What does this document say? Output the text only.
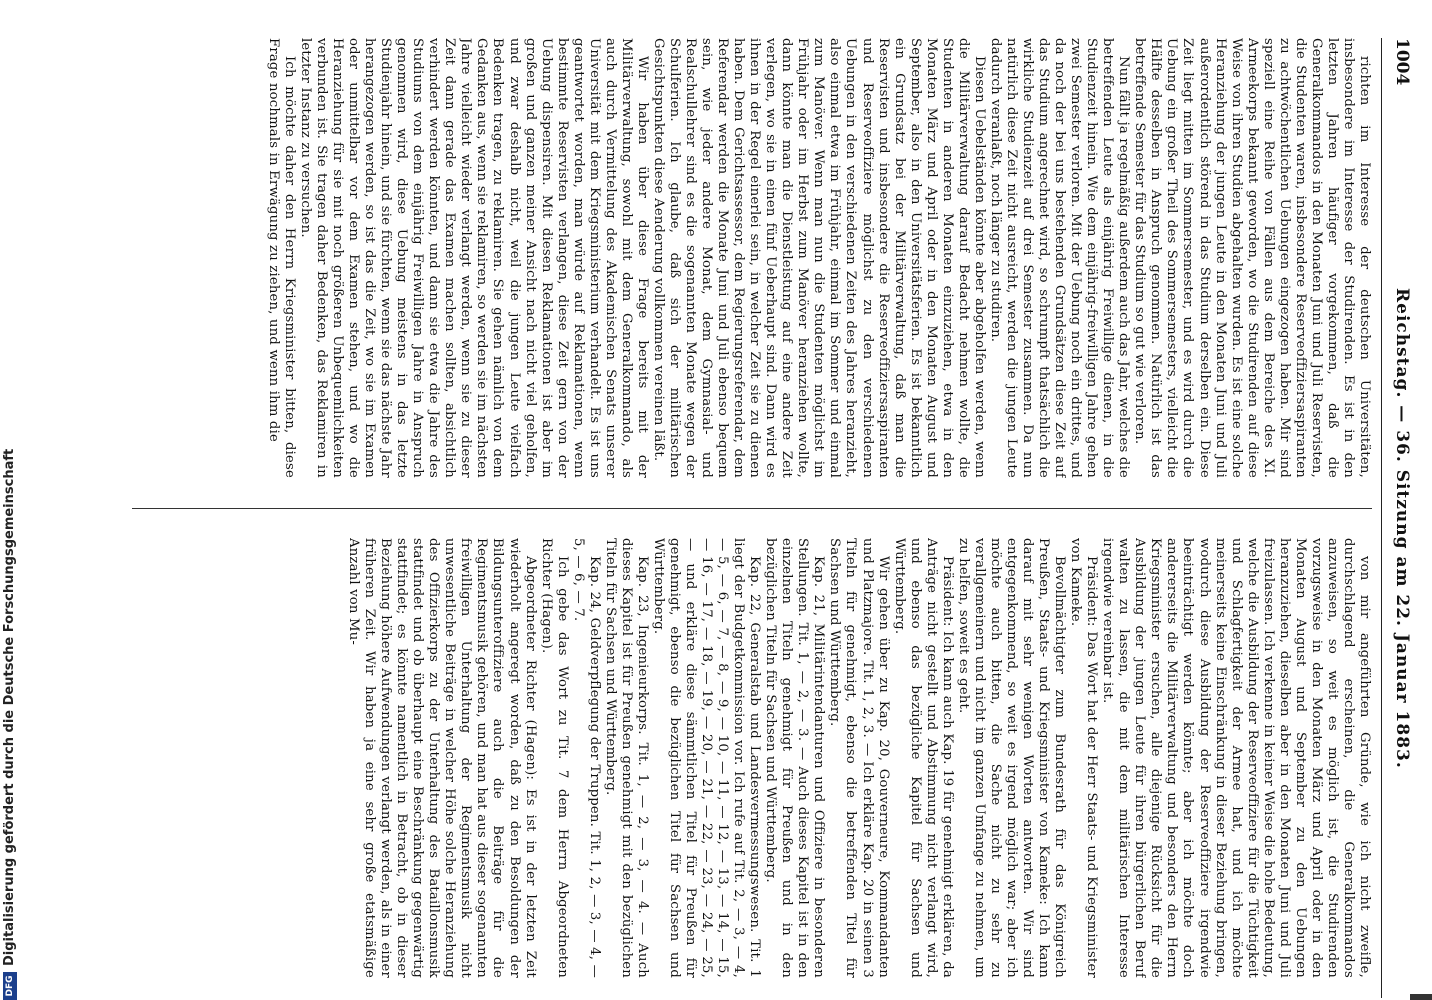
1004
Reichstag. — 36. Sitzung am 22. Januar 1883.

richten im Interesse der deutschen Universitäten, insbesondere im Interesse der Studirenden. Es ist in den letzten Jahren häufiger vorgekommen, daß die Generalkommandos in den Monaten Juni und Juli Reservisten, die Studenten waren, insbesondere Reserveoffiziersaspiranten zu achtwöchentlichen Uebungen eingezogen haben. Mir sind speziell eine Reihe von Fällen aus dem Bereiche des XI. Armeekorps bekannt geworden, wo die Studirenden auf diese Weise von ihren Studien abgehalten wurden. Es ist eine solche Heranziehung der jungen Leute in den Monaten Juni und Juli außerordentlich störend in das Studium derselben ein. Diese Zeit liegt mitten im Sommersemester, und es wird durch die Uebung ein großer Theil des Sommersemesters, vielleicht die Hälfte desselben in Anspruch genommen. Natürlich ist das betreffende Semester für das Studium so gut wie verloren.

Nun fällt ja regelmäßig außerdem auch das Jahr, welches die betreffenden Leute als einjährig Freiwillige dienen, in die Studienzeit hinein. Wie dem einjährig-freiwilligen Jahre gehen zwei Semester verloren. Mit der Uebung noch ein drittes, und da noch der bei uns bestehenden Grundsätzen diese Zeit auf das Studium angerechnet wird, so schrumpft thatsächlich die wirkliche Studienzeit auf drei Semester zusammen. Da nun natürlich diese Zeit nicht ausreicht, werden die jungen Leute dadurch veranlaßt, noch länger zu studiren.

Diesen Uebelständen könnte aber abgeholfen werden, wenn die Militärverwaltung darauf Bedacht nehmen wollte, die Studenten in anderen Monaten einzuziehen, etwa in den Monaten März und April oder in den Monaten August und September, also in den Universitätsferien. Es ist bekanntlich ein Grundsatz bei der Militärverwaltung, daß man die Reservisten und insbesondere die Reserveoffiziersaspiranten und Reserveoffiziere möglichst zu den verschiedenen Uebungen in den verschiedenen Zeiten des Jahres heranzieht, also einmal etwa im Frühjahr, einmal im Sommer und einmal zum Manöver. Wenn man nun die Studenten möglichst im Frühjahr oder im Herbst zum Manöver heranziehen wollte, dann könnte man die Dienstleistung auf eine andere Zeit verlegen, wo sie in einen fünf Ueberhaupt sind. Dann wird es ihnen in der Regel einerlei sein, in welcher Zeit sie zu dienen haben. Dem Gerichtsassessor, dem Regierungsreferendar, dem Referendar werden die Monate Juni und Juli ebenso bequem sein, wie jeder andere Monat, dem Gymnasial- und Realschullehrer sind es die sogenannten Monate wegen der Schulferien. Ich glaube, daß sich der militärischen Gesichtspunkten diese Aenderung vollkommen vereinen läßt.

Wir haben über diese Frage bereits mit der Militärverwaltung, sowohl mit dem Generalkommando, als auch durch Vermittelung des Akademischen Senats unserer Universität mit dem Kriegsministerium verhandelt. Es ist uns geantwortet worden, man würde auf Reklamationen, wenn bestimmte Reservisten verlangen, diese Zeit gern von der Uebung dispensiren. Mit diesen Reklamationen ist aber im großen und ganzen meiner Ansicht nach nicht viel geholfen, und zwar deshalb nicht, weil die jungen Leute vielfach Bedenken tragen, zu reklamiren. Sie gehen nämlich von dem Gedanken aus, wenn sie reklamiren, so werden sie im nächsten Jahre vielleicht wieder verlangt werden, wenn sie zu dieser Zeit dann gerade das Examen machen sollten, absichtlich verhindert werden könnten, und dann sie etwa die Jahre des Studiums von dem einjährig Freiwilligen Jahre in Anspruch genommen wird, diese Uebung meistens in das letzte Studienjahr hinein, und sie fürchten, wenn sie das nächste Jahr herangezogen werden, so ist das die Zeit, wo sie im Examen oder unmittelbar vor dem Examen stehen, und wo die Heranziehung für sie mit noch größeren Unbequemlichkeiten verbunden ist. Sie tragen daher Bedenken, das Reklamiren in letzter Instanz zu versuchen.

Ich möchte daher den Herrn Kriegsminister bitten, diese Frage nochmals in Erwägung zu ziehen, und wenn ihm die

von mir angeführten Gründe, wie ich nicht zweifle, durchschlagend erscheinen, die Generalkommandos anzuweisen, so weit es möglich ist, die Studirenden vorzugsweise in den Monaten März und April oder in den Monaten August und September zu den Uebungen heranzuziehen, dieselben aber in den Monaten Juni und Juli freizulassen. Ich verkenne in keiner Weise die hohe Bedeutung, welche die Ausbildung der Reserveoffiziere für die Tüchtigkeit und Schlagfertigkeit der Armee hat, und ich möchte meinerseits keine Einschränkung in dieser Beziehung bringen, wodurch diese Ausbildung der Reserveoffiziere irgendwie beeinträchtigt werden könnte; aber ich möchte doch andererseits die Militärverwaltung und besonders den Herrn Kriegsminister ersuchen, alle diejenige Rücksicht für die Ausbildung der jungen Leute für ihren bürgerlichen Beruf walten zu lassen, die mit dem militärischen Interesse irgendwie vereinbar ist.

Präsident: Das Wort hat der Herr Staats- und Kriegsminister von Kameke.

Bevollmächtigter zum Bundesrath für das Königreich Preußen, Staats- und Kriegsminister von Kameke: Ich kann darauf mit sehr wenigen Worten antworten. Wir sind entgegenkommend, so weit es irgend möglich war; aber ich möchte auch bitten, die Sache nicht zu sehr zu verallgemeinern und nicht im ganzen Umfange zu nehmen, um zu helfen, soweit es geht.

Präsident: Ich kann auch Kap. 19 für genehmigt erklären, da Anträge nicht gestellt und Abstimmung nicht verlangt wird, und ebenso das bezügliche Kapitel für Sachsen und Württemberg.

Wir gehen über zu Kap. 20, Gouverneure, Kommandanten und Platzmajore. Tit. 1, 2, 3. — Ich erkläre Kap. 20 in seinen 3 Titeln für genehmigt, ebenso die betreffenden Titel für Sachsen und Württemberg.

Kap. 21, Militärintendanturen und Offiziere in besonderen Stellungen. Tit. 1, — 2, — 3. — Auch dieses Kapitel ist in den einzelnen Titeln genehmigt für Preußen und in den bezüglichen Titeln für Sachsen und Württemberg.

Kap. 22, Generalstab und Landesvermessungswesen. Tit. 1 liegt der Budgetkommission vor. Ich rufe auf Tit. 2, — 3, — 4, — 5, — 6, — 7, — 8, — 9, — 10, — 11, — 12, — 13, — 14, — 15, — 16, — 17, — 18, — 19, — 20, — 21, — 22, — 23, — 24, — 25, — und erkläre diese sämmtlichen Titel für Preußen für genehmigt, ebenso die bezüglichen Titel für Sachsen und Württemberg.

Kap. 23, Ingenieurkorps. Tit. 1, — 2, — 3, — 4. — Auch dieses Kapitel ist für Preußen genehmigt mit den bezüglichen Titeln für Sachsen und Württemberg.

Kap. 24, Geldverpflegung der Truppen. Tit. 1, 2, — 3, — 4, — 5, — 6, — 7.

Ich gebe das Wort zu Tit. 7 dem Herrn Abgeordneten Richter (Hagen).

Abgeordneter Richter (Hagen): Es ist in der letzten Zeit wiederholt angeregt worden, daß zu den Besoldungen der Bildungsunteroffiziere auch die Beiträge für die Regimentsmusik gehören, und man hat aus dieser sogenannten freiwilligen Unterhaltung der Regimentsmusik nicht unwesentliche Beiträge in welcher Höhe solche Heranziehung des Offizierkorps zu der Unterhaltung des Bataillonsmusik stattfindet und ob überhaupt eine Beschränkung gegenwärtig stattfindet; es könnte namentlich in Betracht, ob in dieser Beziehung höhere Aufwendungen verlangt werden, als in einer früheren Zeit. Wir haben ja eine sehr große etatsmäßige Anzahl von Mu-

DFGDigitalisierung gefördert durch die Deutsche Forschungsgemeinschaft
